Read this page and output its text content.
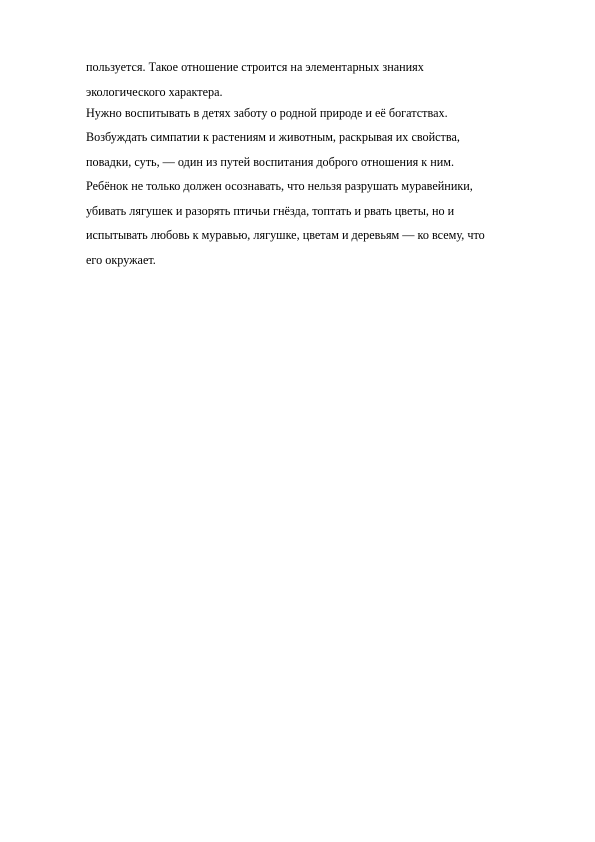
пользуется. Такое отношение строится на элементарных знаниях
экологического характера.
Нужно воспитывать в детях заботу о родной природе и её богатствах.
Возбуждать симпатии к растениям и животным, раскрывая их свойства,
повадки, суть, — один из путей воспитания доброго отношения к ним.
Ребёнок не только должен осознавать, что нельзя разрушать муравейники,
убивать лягушек и разорять птичьи гнёзда, топтать и рвать цветы, но и
испытывать любовь к муравью, лягушке, цветам и деревьям — ко всему, что
его окружает.
